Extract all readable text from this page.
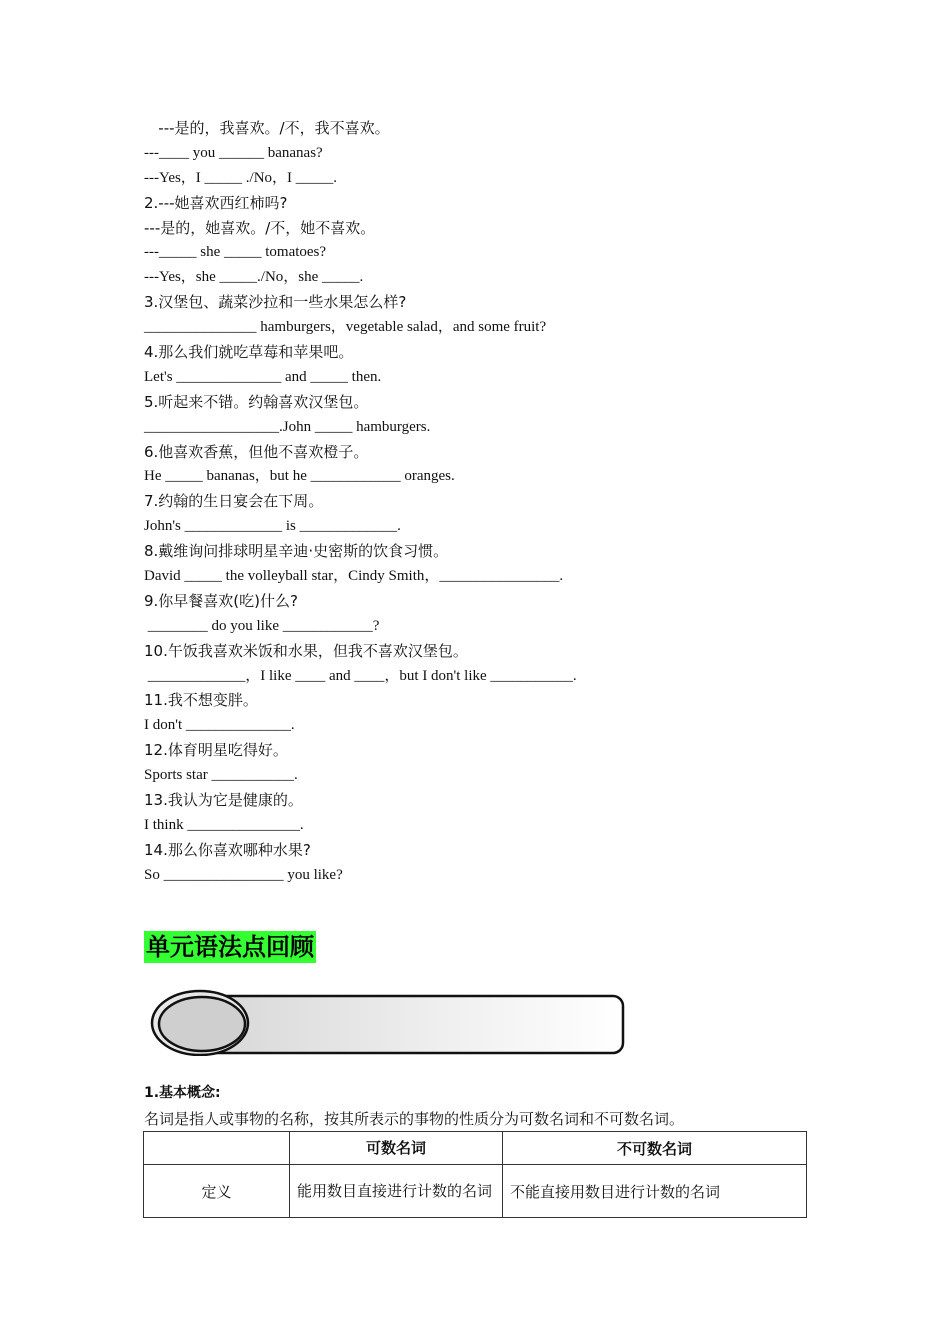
---是的，我喜欢。/不，我不喜欢。
---____ you ______ bananas?
---Yes，I _____ ./No，I _____.
2.---她喜欢西红柿吗?
---是的，她喜欢。/不，她不喜欢。
---_____ she _____ tomatoes?
---Yes，she _____./No，she _____.
3.汉堡包、蔬菜沙拉和一些水果怎么样?
_______________ hamburgers，vegetable salad，and some fruit?
4.那么我们就吃草莓和苹果吧。
Let's ______________ and _____ then.
5.听起来不错。约翰喜欢汉堡包。
__________________.John _____ hamburgers.
6.他喜欢香蕉，但他不喜欢橙子。
He _____ bananas，but he ____________ oranges.
7.约翰的生日宴会在下周。
John's _____________ is _____________.
8.戴维询问排球明星辛迪·史密斯的饮食习惯。
David _____ the volleyball star，Cindy Smith，________________.
9.你早餐喜欢(吃)什么?
________ do you like ____________?
10.午饭我喜欢米饭和水果，但我不喜欢汉堡包。
_____________，I like ____ and ____，but I don't like ___________.
11.我不想变胖。
I don't ______________.
12.体育明星吃得好。
Sports star ___________.
13.我认为它是健康的。
I think _______________.
14.那么你喜欢哪种水果?
So ________________ you like?
单元语法点回顾
1.基本概念:
名词是指人或事物的名称，按其所表示的事物的性质分为可数名词和不可数名词。
	可数名词	不可数名词
定义	能用数目直接进行计数的名词	不能直接用数目进行计数的名词
